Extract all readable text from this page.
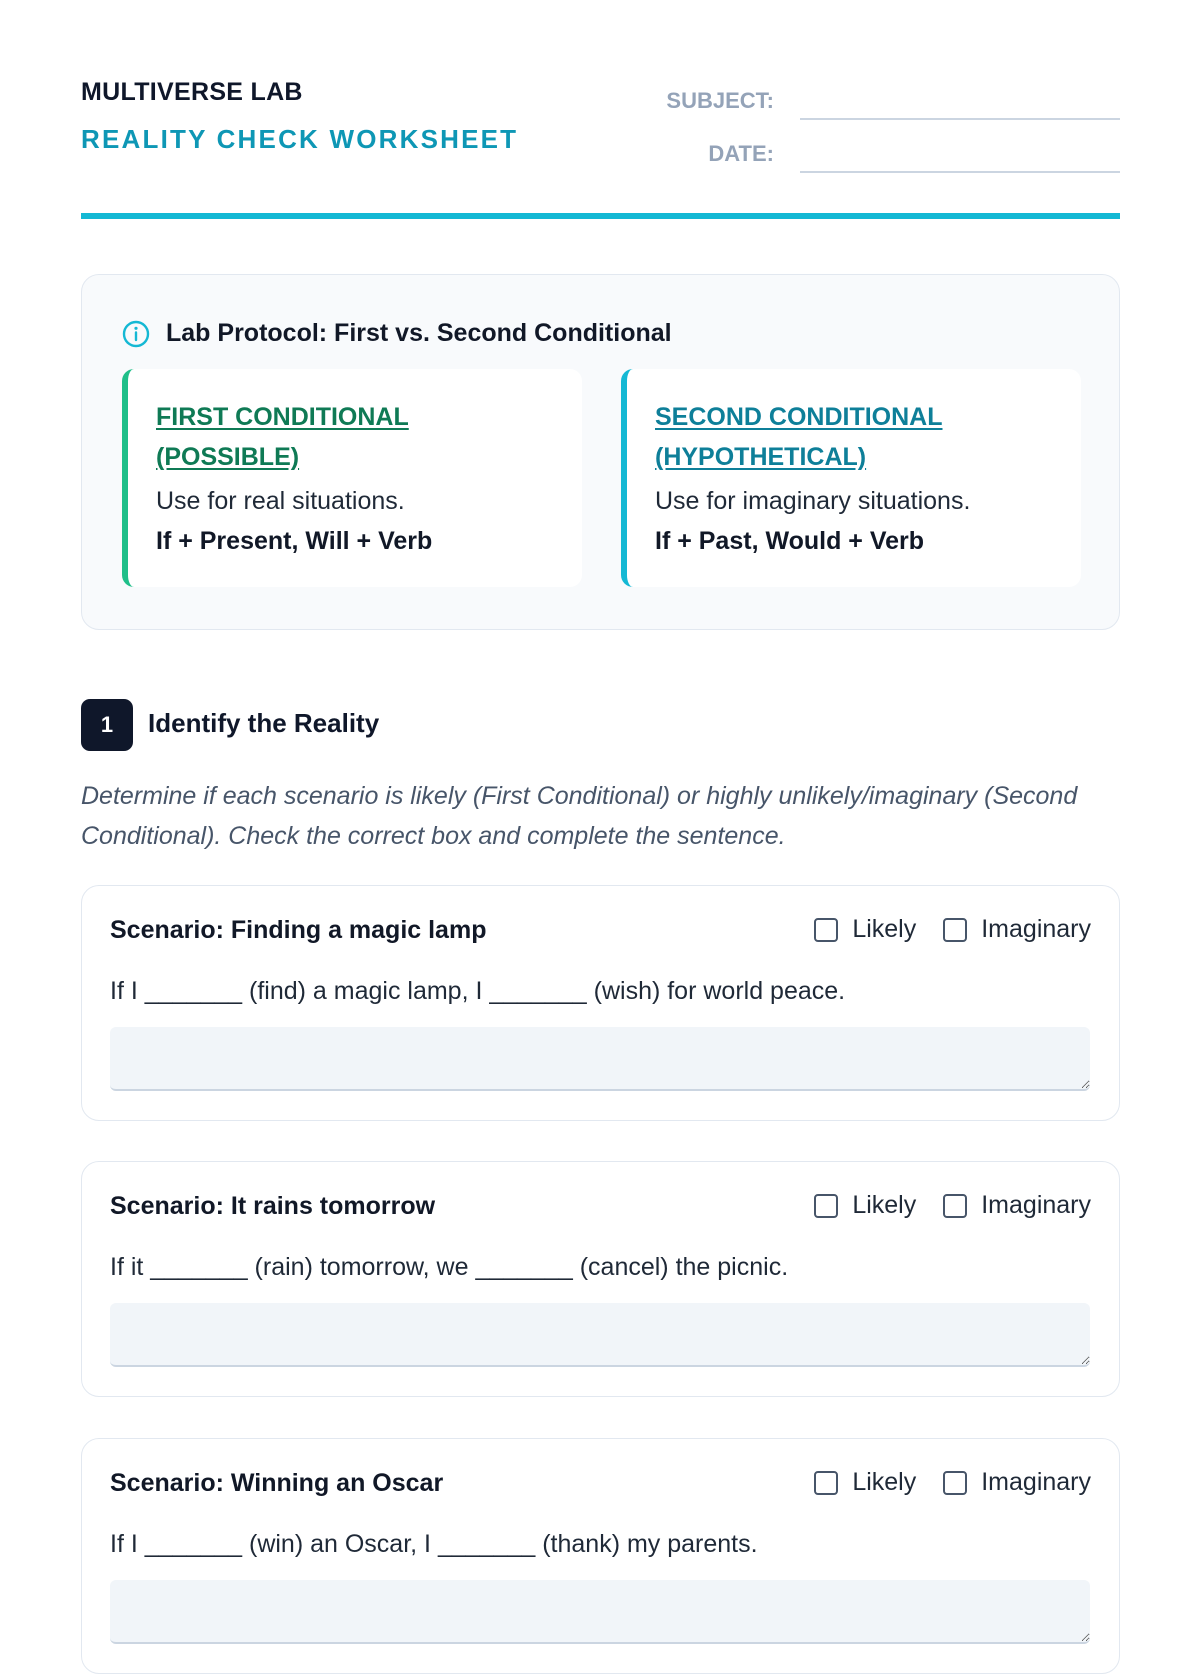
MULTIVERSE LAB
REALITY CHECK WORKSHEET
SUBJECT:
DATE:
Lab Protocol: First vs. Second Conditional
FIRST CONDITIONAL (POSSIBLE)
Use for real situations.
If + Present, Will + Verb
SECOND CONDITIONAL (HYPOTHETICAL)
Use for imaginary situations.
If + Past, Would + Verb
1	Identify the Reality
Determine if each scenario is likely (First Conditional) or highly unlikely/imaginary (Second Conditional). Check the correct box and complete the sentence.
Scenario: Finding a magic lamp	Likely	Imaginary
If I _______ (find) a magic lamp, I _______ (wish) for world peace.
Scenario: It rains tomorrow	Likely	Imaginary
If it _______ (rain) tomorrow, we _______ (cancel) the picnic.
Scenario: Winning an Oscar	Likely	Imaginary
If I _______ (win) an Oscar, I _______ (thank) my parents.
